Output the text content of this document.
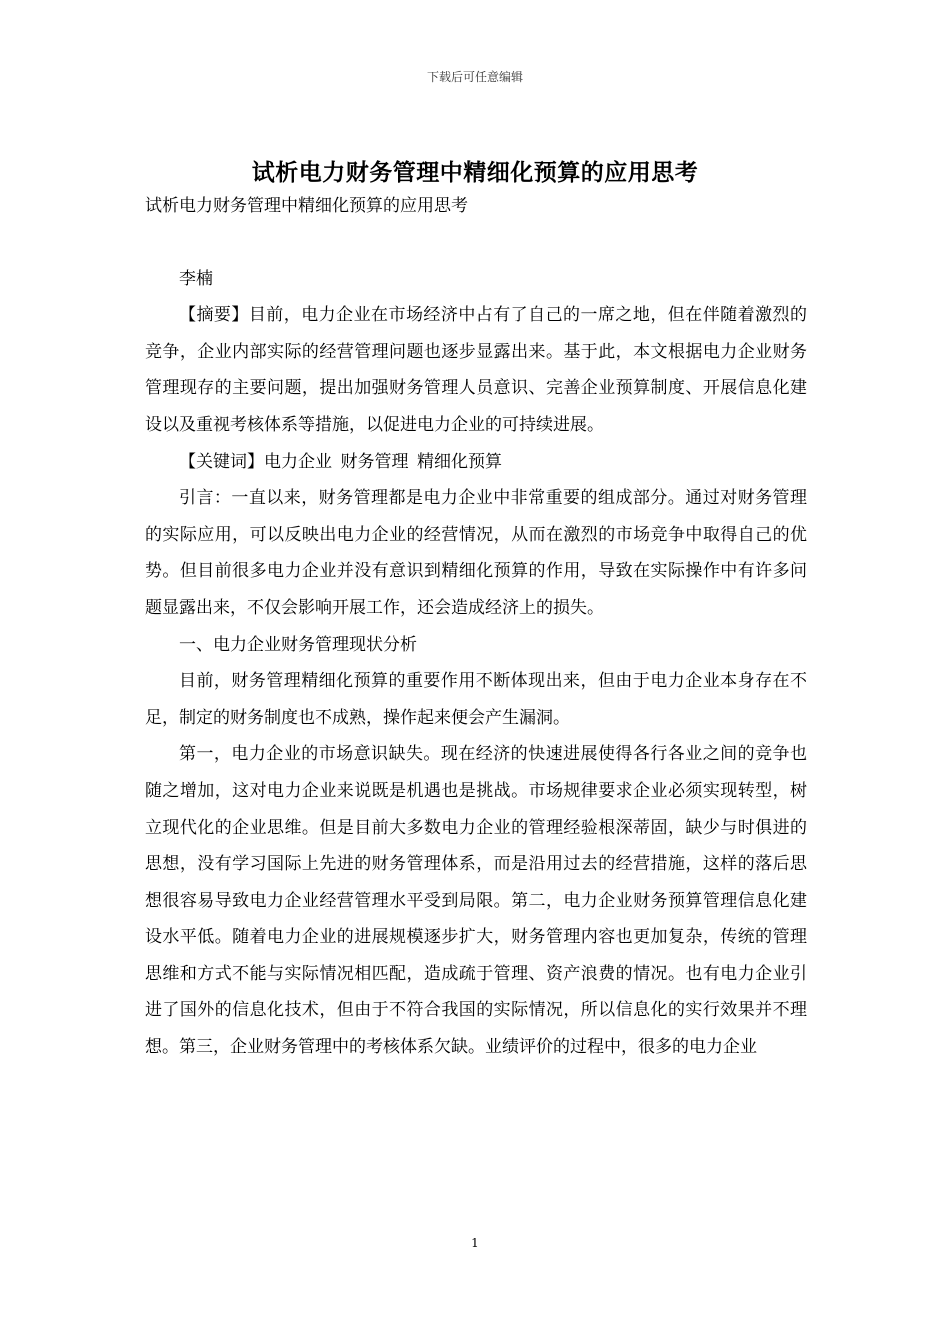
下载后可任意编辑
试析电力财务管理中精细化预算的应用思考

试析电力财务管理中精细化预算的应用思考

李楠

【摘要】目前，电力企业在市场经济中占有了自己的一席之地，但在伴随着激烈的竞争，企业内部实际的经营管理问题也逐步显露出来。基于此，本文根据电力企业财务管理现存的主要问题，提出加强财务管理人员意识、完善企业预算制度、开展信息化建设以及重视考核体系等措施，以促进电力企业的可持续进展。

【关键词】电力企业 财务管理 精细化预算

引言：一直以来，财务管理都是电力企业中非常重要的组成部分。通过对财务管理的实际应用，可以反映出电力企业的经营情况，从而在激烈的市场竞争中取得自己的优势。但目前很多电力企业并没有意识到精细化预算的作用，导致在实际操作中有许多问题显露出来，不仅会影响开展工作，还会造成经济上的损失。

一、电力企业财务管理现状分析

目前，财务管理精细化预算的重要作用不断体现出来，但由于电力企业本身存在不足，制定的财务制度也不成熟，操作起来便会产生漏洞。

第一，电力企业的市场意识缺失。现在经济的快速进展使得各行各业之间的竞争也随之增加，这对电力企业来说既是机遇也是挑战。市场规律要求企业必须实现转型，树立现代化的企业思维。但是目前大多数电力企业的管理经验根深蒂固，缺少与时俱进的思想，没有学习国际上先进的财务管理体系，而是沿用过去的经营措施，这样的落后思想很容易导致电力企业经营管理水平受到局限。第二，电力企业财务预算管理信息化建设水平低。随着电力企业的进展规模逐步扩大，财务管理内容也更加复杂，传统的管理思维和方式不能与实际情况相匹配，造成疏于管理、资产浪费的情况。也有电力企业引进了国外的信息化技术，但由于不符合我国的实际情况，所以信息化的实行效果并不理想。第三，企业财务管理中的考核体系欠缺。业绩评价的过程中，很多的电力企业

1
